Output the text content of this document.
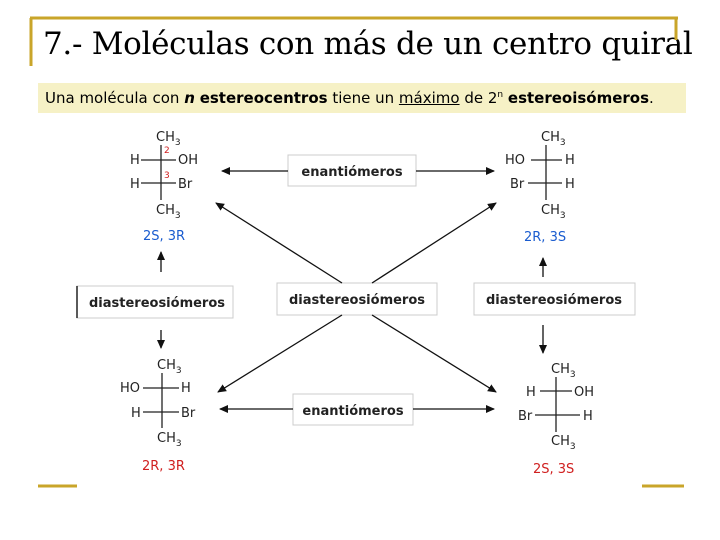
7.- Moléculas con más de un centro quiral
Una molécula con n estereocentros tiene un máximo de 2$^n$ estereoisómeros.
$CH_3$
H	OH
H	Br
$CH_3$
2
3
2S, 3R
$CH_3$
HO	H
Br	H
$CH_3$
2R, 3S
$CH_3$
HO	H
H	Br
$CH_3$
2R, 3R
$CH_3$
H	OH
Br	H
$CH_3$
2S, 3S
enantiómeros
enantiómeros
diastereosiómeros
diastereosiómeros	diastereosiómeros
